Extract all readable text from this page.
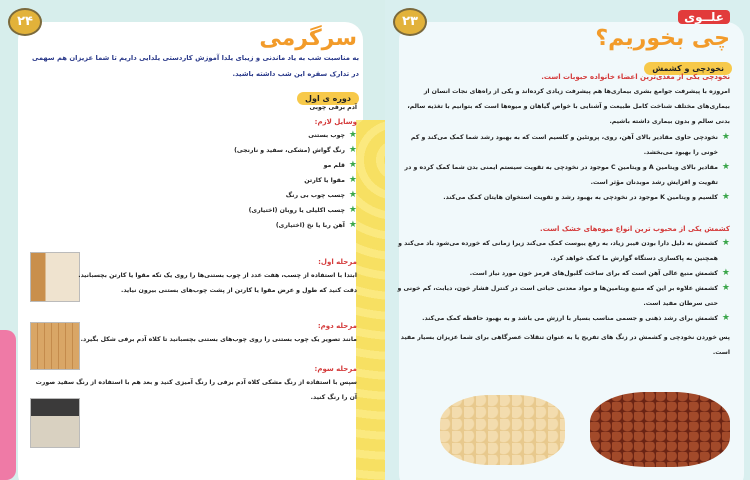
۲۴
سرگرمی
به مناسبت شب به یاد ماندنی و زیبای یلدا آموزش کاردستی یلدایی داریم تا شما عزیزان هم سهمی در تدارک سفره این شب داشته باشید.
دوره ی اول
آدم برفی چوبی
وسایل لازم:
★
چوب بستنی
★
رنگ گواش (مشکی، سفید و نارنجی)
★
قلم مو
★
مقوا یا کارتن
★
چسب چوب بی رنگ
★
چسب اکلیلی یا روبان (اختیاری)
★
آهن ربا یا نخ (اختیاری)
مرحله اول:
ابتدا با استفاده از چسب، هفت عدد از چوب بستنی‌ها را روی یک تکه مقوا یا کارتن بچسبانید. دقت کنید که طول و عرض مقوا یا کارتن از پشت چوب‌های بستنی بیرون نیاید.
مرحله دوم:
مانند تصویر یک چوب بستنی را روی چوب‌های بستنی بچسبانید تا کلاه آدم برفی شکل بگیرد.
مرحله سوم:
سپس با استفاده از رنگ مشکی کلاه آدم برفی را رنگ آمیزی کنید و بعد هم با استفاده از رنگ سفید صورت آن را رنگ کنید.
۲۳	علــوی
چی بخوریم؟
نخودچی و کشمش
نخودچی یکی از مغذی‌ترین اعضاء خانواده حبوبات است.
امروزه با پیشرفت جوامع بشری بیماری‌ها هم پیشرفت زیادی کرده‌اند و یکی از راه‌های نجات انسان از بیماری‌های مختلف شناخت کامل طبیعت و آشنایی با خواص گیاهان و میوه‌ها است که بتوانیم با تغذیه سالم، بدنی سالم و بدون بیماری داشته باشیم.
★
نخودچی حاوی مقادیر بالای آهن، روی، پروتئین و کلسیم است که به بهبود رشد شما کمک می‌کند و کم خونی را بهبود می‌بخشد.
★
مقادیر بالای ویتامین A و ویتامین C موجود در نخودچی به تقویت سیستم ایمنی بدن شما کمک کرده و در تقویت و افزایش رشد موبدنان مؤثر است.
★
کلسیم و ویتامین K موجود در نخودچی به بهبود رشد و تقویت استخوان هایتان کمک می‌کند.
کشمش یکی از محبوب ترین انواع میوه‌های خشک است.
★
کشمش به دلیل دارا بودن فیبر زیاد، به رفع یبوست کمک می‌کند زیرا زمانی که خورده می‌شود باد می‌کند و همچنین به پاکسازی دستگاه گوارش ما کمک خواهد کرد.
★
کشمش منبع عالی آهن است که برای ساخت گلبول‌های قرمز خون مورد نیاز است.
★
کشمش علاوه بر این که منبع ویتامین‌ها و مواد معدنی حیاتی است در کنترل فشار خون، دیابت، کم خونی و حتی سرطان مفید است.
★
کشمش برای رشد ذهنی و جسمی مناسب بسیار با ارزش می باشد و به بهبود حافظه کمک می‌کند.
پس خوردن نخودچی و کشمش در زنگ های تفریح یا به عنوان تنقلات عصرگاهی برای شما عزیزان بسیار مفید است.
